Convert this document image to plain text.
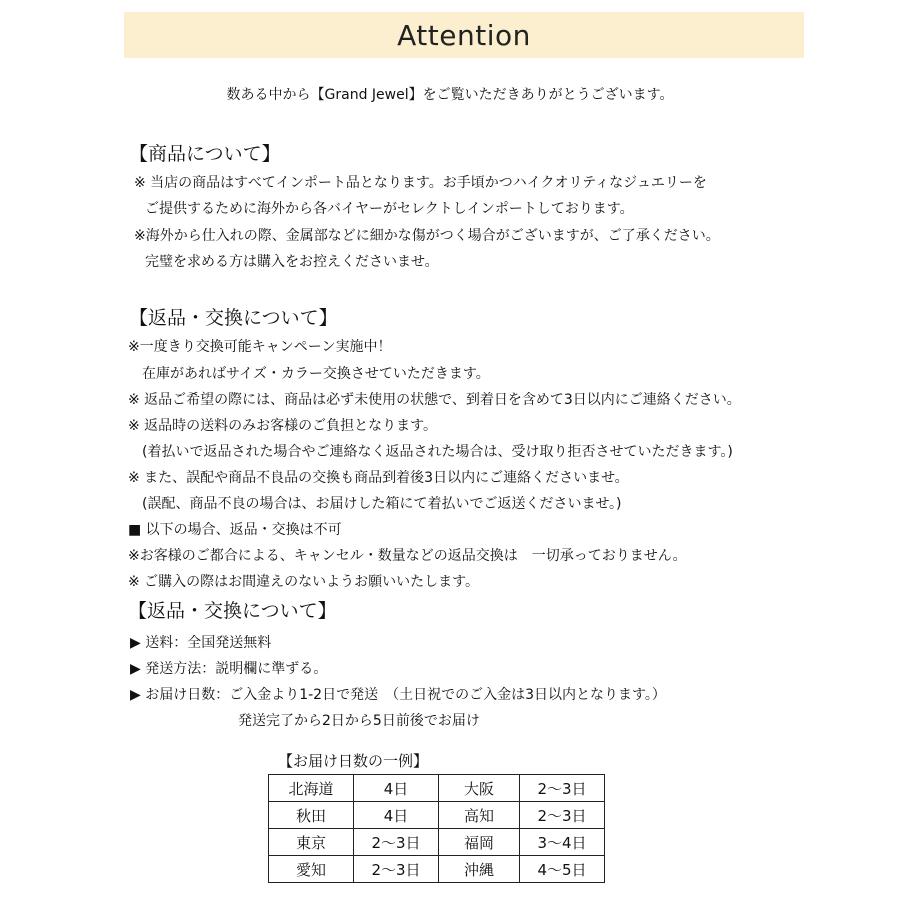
Attention
数ある中から【Grand Jewel】をご覧いただきありがとうございます。
【商品について】
※ 当店の商品はすべてインポート品となります。お手頃かつハイクオリティなジュエリーを
ご提供するために海外から各バイヤーがセレクトしインポートしております。
※海外から仕入れの際、金属部などに細かな傷がつく場合がございますが、ご了承ください。
完璧を求める方は購入をお控えくださいませ。
【返品・交換について】
※一度きり交換可能キャンペーン実施中！
在庫があればサイズ・カラー交換させていただきます。
※ 返品ご希望の際には、商品は必ず未使用の状態で、到着日を含めて3日以内にご連絡ください。
※ 返品時の送料のみお客様のご負担となります。
(着払いで返品された場合やご連絡なく返品された場合は、受け取り拒否させていただきます。)
※ また、誤配や商品不良品の交換も商品到着後3日以内にご連絡くださいませ。
(誤配、商品不良の場合は、お届けした箱にて着払いでご返送くださいませ。)
■ 以下の場合、返品・交換は不可
※お客様のご都合による、キャンセル・数量などの返品交換は　一切承っておりません。
※ ご購入の際はお間違えのないようお願いいたします。
【返品・交換について】
▶ 送料：全国発送無料
▶ 発送方法：説明欄に準ずる。
▶ お届け日数：ご入金より1-2日で発送　（土日祝でのご入金は3日以内となります。）
発送完了から2日から5日前後でお届け
【お届け日数の一例】
北海道	4日	大阪	2～3日
秋田	4日	高知	2～3日
東京	2～3日	福岡	3～4日
愛知	2～3日	沖縄	4～5日
